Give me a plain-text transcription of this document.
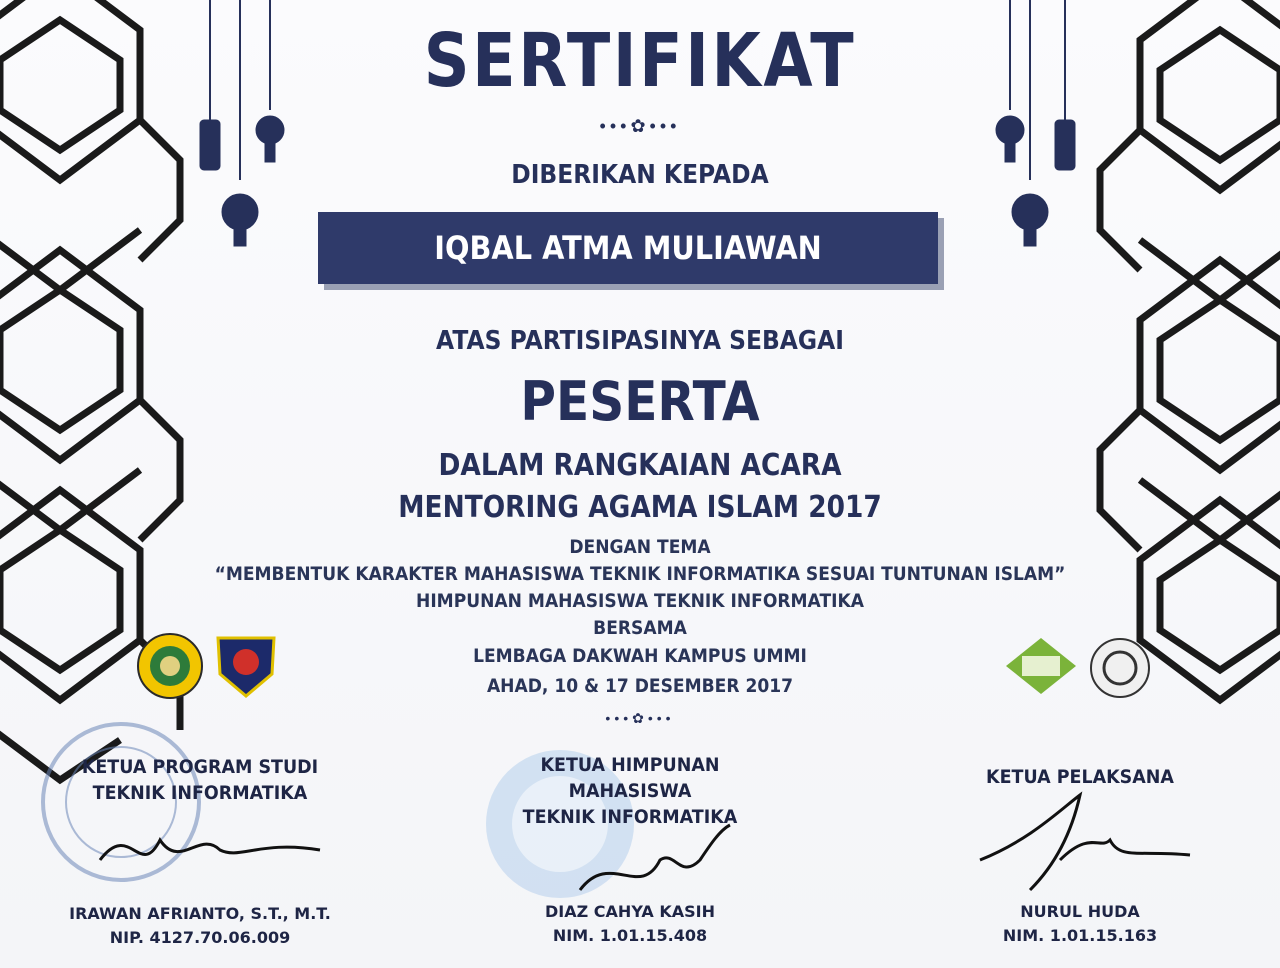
SERTIFIKAT
•••✿•••
DIBERIKAN KEPADA
IQBAL ATMA MULIAWAN
ATAS PARTISIPASINYA SEBAGAI
PESERTA
DALAM RANGKAIAN ACARA
MENTORING AGAMA ISLAM 2017
DENGAN TEMA
“MEMBENTUK KARAKTER MAHASISWA TEKNIK INFORMATIKA SESUAI TUNTUNAN ISLAM”
HIMPUNAN MAHASISWA TEKNIK INFORMATIKA
BERSAMA
LEMBAGA DAKWAH KAMPUS UMMI
AHAD, 10 & 17 DESEMBER 2017
•••✿•••
KETUA PROGRAM STUDI
TEKNIK INFORMATIKA
IRAWAN AFRIANTO, S.T., M.T.
NIP. 4127.70.06.009
KETUA HIMPUNAN MAHASISWA
TEKNIK INFORMATIKA
DIAZ CAHYA KASIH
NIM. 1.01.15.408
KETUA PELAKSANA
NURUL HUDA
NIM. 1.01.15.163
